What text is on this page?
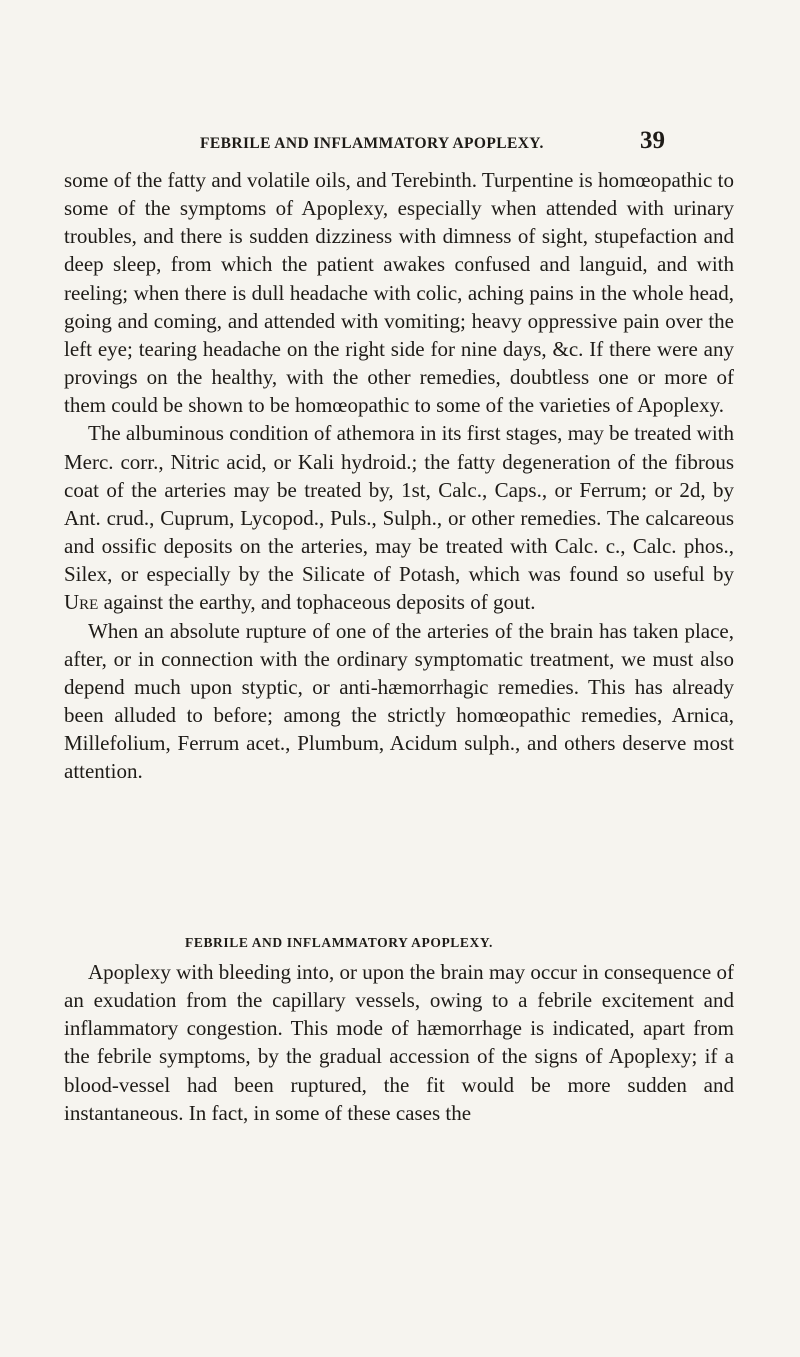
FEBRILE AND INFLAMMATORY APOPLEXY.	39

some of the fatty and volatile oils, and Terebinth. Turpentine is homœopathic to some of the symptoms of Apoplexy, especially when attended with urinary troubles, and there is sudden dizziness with dimness of sight, stupefaction and deep sleep, from which the patient awakes confused and languid, and with reeling; when there is dull headache with colic, aching pains in the whole head, going and coming, and attended with vomiting; heavy oppressive pain over the left eye; tearing headache on the right side for nine days, &c. If there were any provings on the healthy, with the other remedies, doubtless one or more of them could be shown to be homœopathic to some of the varieties of Apoplexy.

The albuminous condition of athemora in its first stages, may be treated with Merc. corr., Nitric acid, or Kali hydroid.; the fatty degeneration of the fibrous coat of the arteries may be treated by, 1st, Calc., Caps., or Ferrum; or 2d, by Ant. crud., Cuprum, Lycopod., Puls., Sulph., or other remedies. The calcareous and ossific deposits on the arteries, may be treated with Calc. c., Calc. phos., Silex, or especially by the Silicate of Potash, which was found so useful by Ure against the earthy, and tophaceous deposits of gout.

When an absolute rupture of one of the arteries of the brain has taken place, after, or in connection with the ordinary symptomatic treatment, we must also depend much upon styptic, or anti-hæmorrhagic remedies. This has already been alluded to before; among the strictly homœopathic remedies, Arnica, Millefolium, Ferrum acet., Plumbum, Acidum sulph., and others deserve most attention.

FEBRILE AND INFLAMMATORY APOPLEXY.

Apoplexy with bleeding into, or upon the brain may occur in consequence of an exudation from the capillary vessels, owing to a febrile excitement and inflammatory congestion. This mode of hæmorrhage is indicated, apart from the febrile symptoms, by the gradual accession of the signs of Apoplexy; if a blood-vessel had been ruptured, the fit would be more sudden and instantaneous. In fact, in some of these cases the
